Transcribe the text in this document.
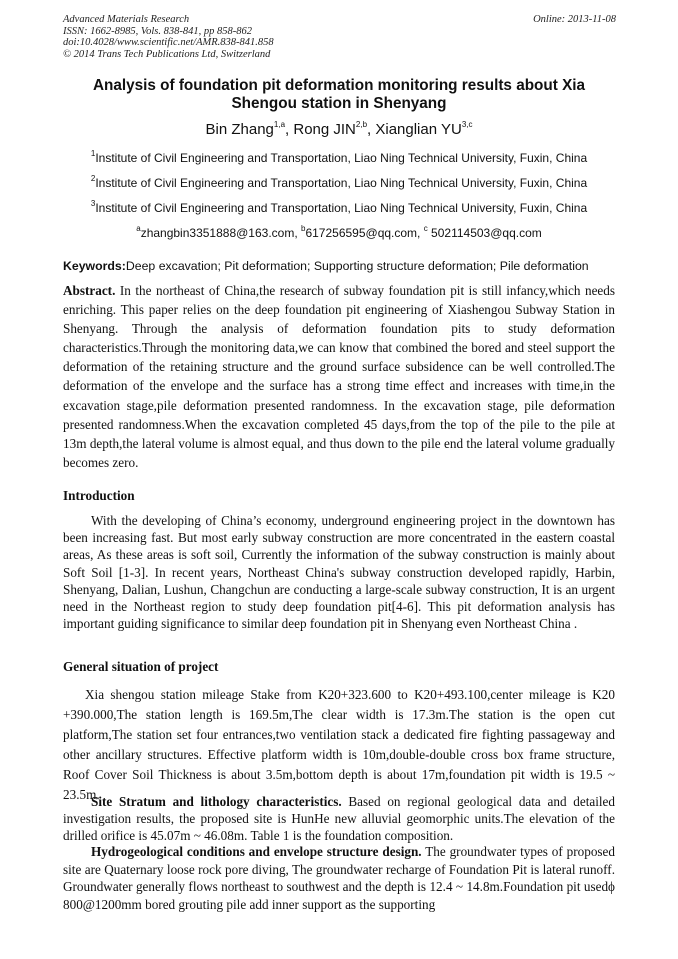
Advanced Materials Research
ISSN: 1662-8985, Vols. 838-841, pp 858-862
doi:10.4028/www.scientific.net/AMR.838-841.858
© 2014 Trans Tech Publications Ltd, Switzerland
Online: 2013-11-08
Analysis of foundation pit deformation monitoring results about Xia
Shengou station in Shenyang
Bin Zhang$^{1,a}$, Rong JIN$^{2,b}$, Xianglian YU$^{3,c}$
$^1$Institute of Civil Engineering and Transportation, Liao Ning Technical University, Fuxin, China
$^2$Institute of Civil Engineering and Transportation, Liao Ning Technical University, Fuxin, China
$^3$Institute of Civil Engineering and Transportation, Liao Ning Technical University, Fuxin, China
$^a$zhangbin3351888@163.com, $^b$617256595@qq.com, $^c$ 502114503@qq.com
Keywords:Deep excavation; Pit deformation; Supporting structure deformation; Pile deformation
Abstract. In the northeast of China,the research of subway foundation pit is still infancy,which needs enriching. This paper relies on the deep foundation pit engineering of Xiashengou Subway Station in Shenyang. Through the analysis of deformation foundation pits to study deformation characteristics.Through the monitoring data,we can know that combined the bored and steel support the deformation of the retaining structure and the ground surface subsidence can be well controlled.The deformation of the envelope and the surface has a strong time effect and increases with time,in the excavation stage,pile deformation presented randomness. In the excavation stage, pile deformation presented randomness.When the excavation completed 45 days,from the top of the pile to the pile at 13m depth,the lateral volume is almost equal, and thus down to the pile end the lateral volume gradually becomes zero.
Introduction
With the developing of China’s economy, underground engineering project in the downtown has been increasing fast. But most early subway construction are more concentrated in the eastern coastal areas, As these areas is soft soil, Currently the information of the subway construction is mainly about Soft Soil [1-3]. In recent years, Northeast China's subway construction developed rapidly, Harbin, Shenyang, Dalian, Lushun, Changchun are conducting a large-scale subway construction, It is an urgent need in the Northeast region to study deep foundation pit[4-6]. This pit deformation analysis has important guiding significance to similar deep foundation pit in Shenyang even Northeast China .
General situation of project
Xia shengou station mileage Stake from K20+323.600 to K20+493.100,center mileage is K20 +390.000,The station length is 169.5m,The clear width is 17.3m.The station is the open cut platform,The station set four entrances,two ventilation stack a dedicated fire fighting passageway and other ancillary structures. Effective platform width is 10m,double-double cross box frame structure, Roof Cover Soil Thickness is about 3.5m,bottom depth is about 17m,foundation pit width is 19.5 ~ 23.5m.
Site Stratum and lithology characteristics. Based on regional geological data and detailed investigation results, the proposed site is HunHe new alluvial geomorphic units.The elevation of the drilled orifice is 45.07m ~ 46.08m. Table 1 is the foundation composition.
Hydrogeological conditions and envelope structure design. The groundwater types of proposed site are Quaternary loose rock pore diving, The groundwater recharge of Foundation Pit is lateral runoff. Groundwater generally flows northeast to southwest and the depth is 12.4 ~ 14.8m.Foundation pit usedϕ 800@1200mm bored grouting pile add inner support as the supporting
